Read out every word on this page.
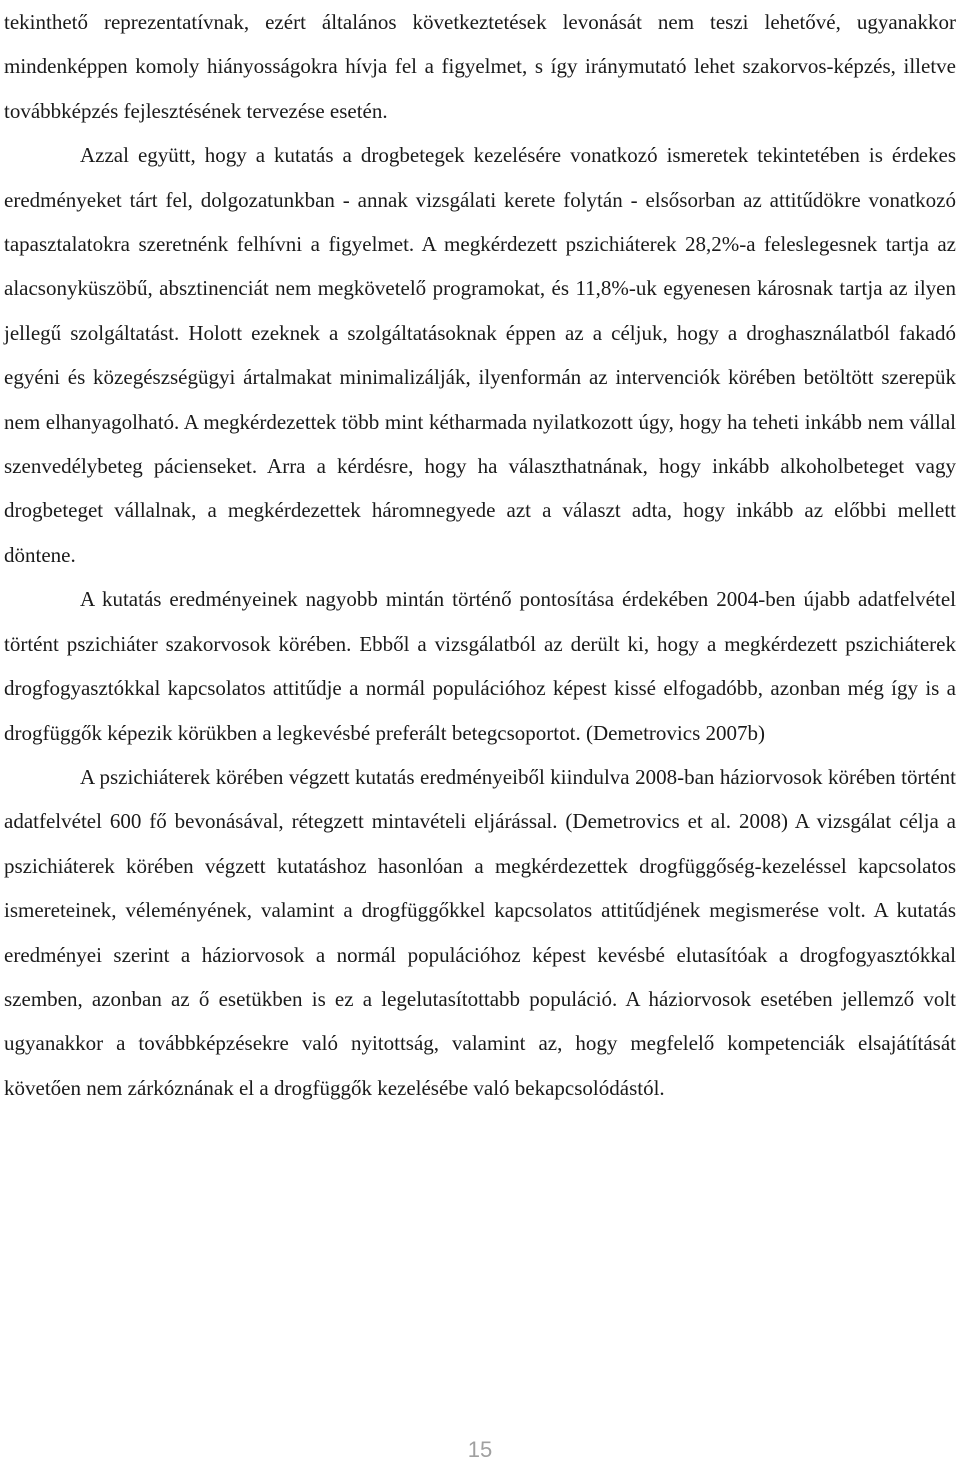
tekinthető reprezentatívnak, ezért általános következtetések levonását nem teszi lehetővé, ugyanakkor mindenképpen komoly hiányosságokra hívja fel a figyelmet, s így iránymutató lehet szakorvos-képzés, illetve továbbképzés fejlesztésének tervezése esetén.

Azzal együtt, hogy a kutatás a drogbetegek kezelésére vonatkozó ismeretek tekintetében is érdekes eredményeket tárt fel, dolgozatunkban - annak vizsgálati kerete folytán - elsősorban az attitűdökre vonatkozó tapasztalatokra szeretnénk felhívni a figyelmet. A megkérdezett pszichiáterek 28,2%-a feleslegesnek tartja az alacsonyküszöbű, absztinenciát nem megkövetelő programokat, és 11,8%-uk egyenesen károsnak tartja az ilyen jellegű szolgáltatást. Holott ezeknek a szolgáltatásoknak éppen az a céljuk, hogy a droghasználatból fakadó egyéni és közegészségügyi ártalmakat minimalizálják, ilyenformán az intervenciók körében betöltött szerepük nem elhanyagolható. A megkérdezettek több mint kétharmada nyilatkozott úgy, hogy ha teheti inkább nem vállal szenvedélybeteg pácienseket. Arra a kérdésre, hogy ha választhatnának, hogy inkább alkoholbeteget vagy drogbeteget vállalnak, a megkérdezettek háromnegyede azt a választ adta, hogy inkább az előbbi mellett döntene.

A kutatás eredményeinek nagyobb mintán történő pontosítása érdekében 2004-ben újabb adatfelvétel történt pszichiáter szakorvosok körében. Ebből a vizsgálatból az derült ki, hogy a megkérdezett pszichiáterek drogfogyasztókkal kapcsolatos attitűdje a normál populációhoz képest kissé elfogadóbb, azonban még így is a drogfüggők képezik körükben a legkevésbé preferált betegcsoportot. (Demetrovics 2007b)

A pszichiáterek körében végzett kutatás eredményeiből kiindulva 2008-ban háziorvosok körében történt adatfelvétel 600 fő bevonásával, rétegzett mintavételi eljárással. (Demetrovics et al. 2008) A vizsgálat célja a pszichiáterek körében végzett kutatáshoz hasonlóan a megkérdezettek drogfüggőség-kezeléssel kapcsolatos ismereteinek, véleményének, valamint a drogfüggőkkel kapcsolatos attitűdjének megismerése volt. A kutatás eredményei szerint a háziorvosok a normál populációhoz képest kevésbé elutasítóak a drogfogyasztókkal szemben, azonban az ő esetükben is ez a legelutasítottabb populáció. A háziorvosok esetében jellemző volt ugyanakkor a továbbképzésekre való nyitottság, valamint az, hogy megfelelő kompetenciák elsajátítását követően nem zárkóznának el a drogfüggők kezelésébe való bekapcsolódástól.

15
